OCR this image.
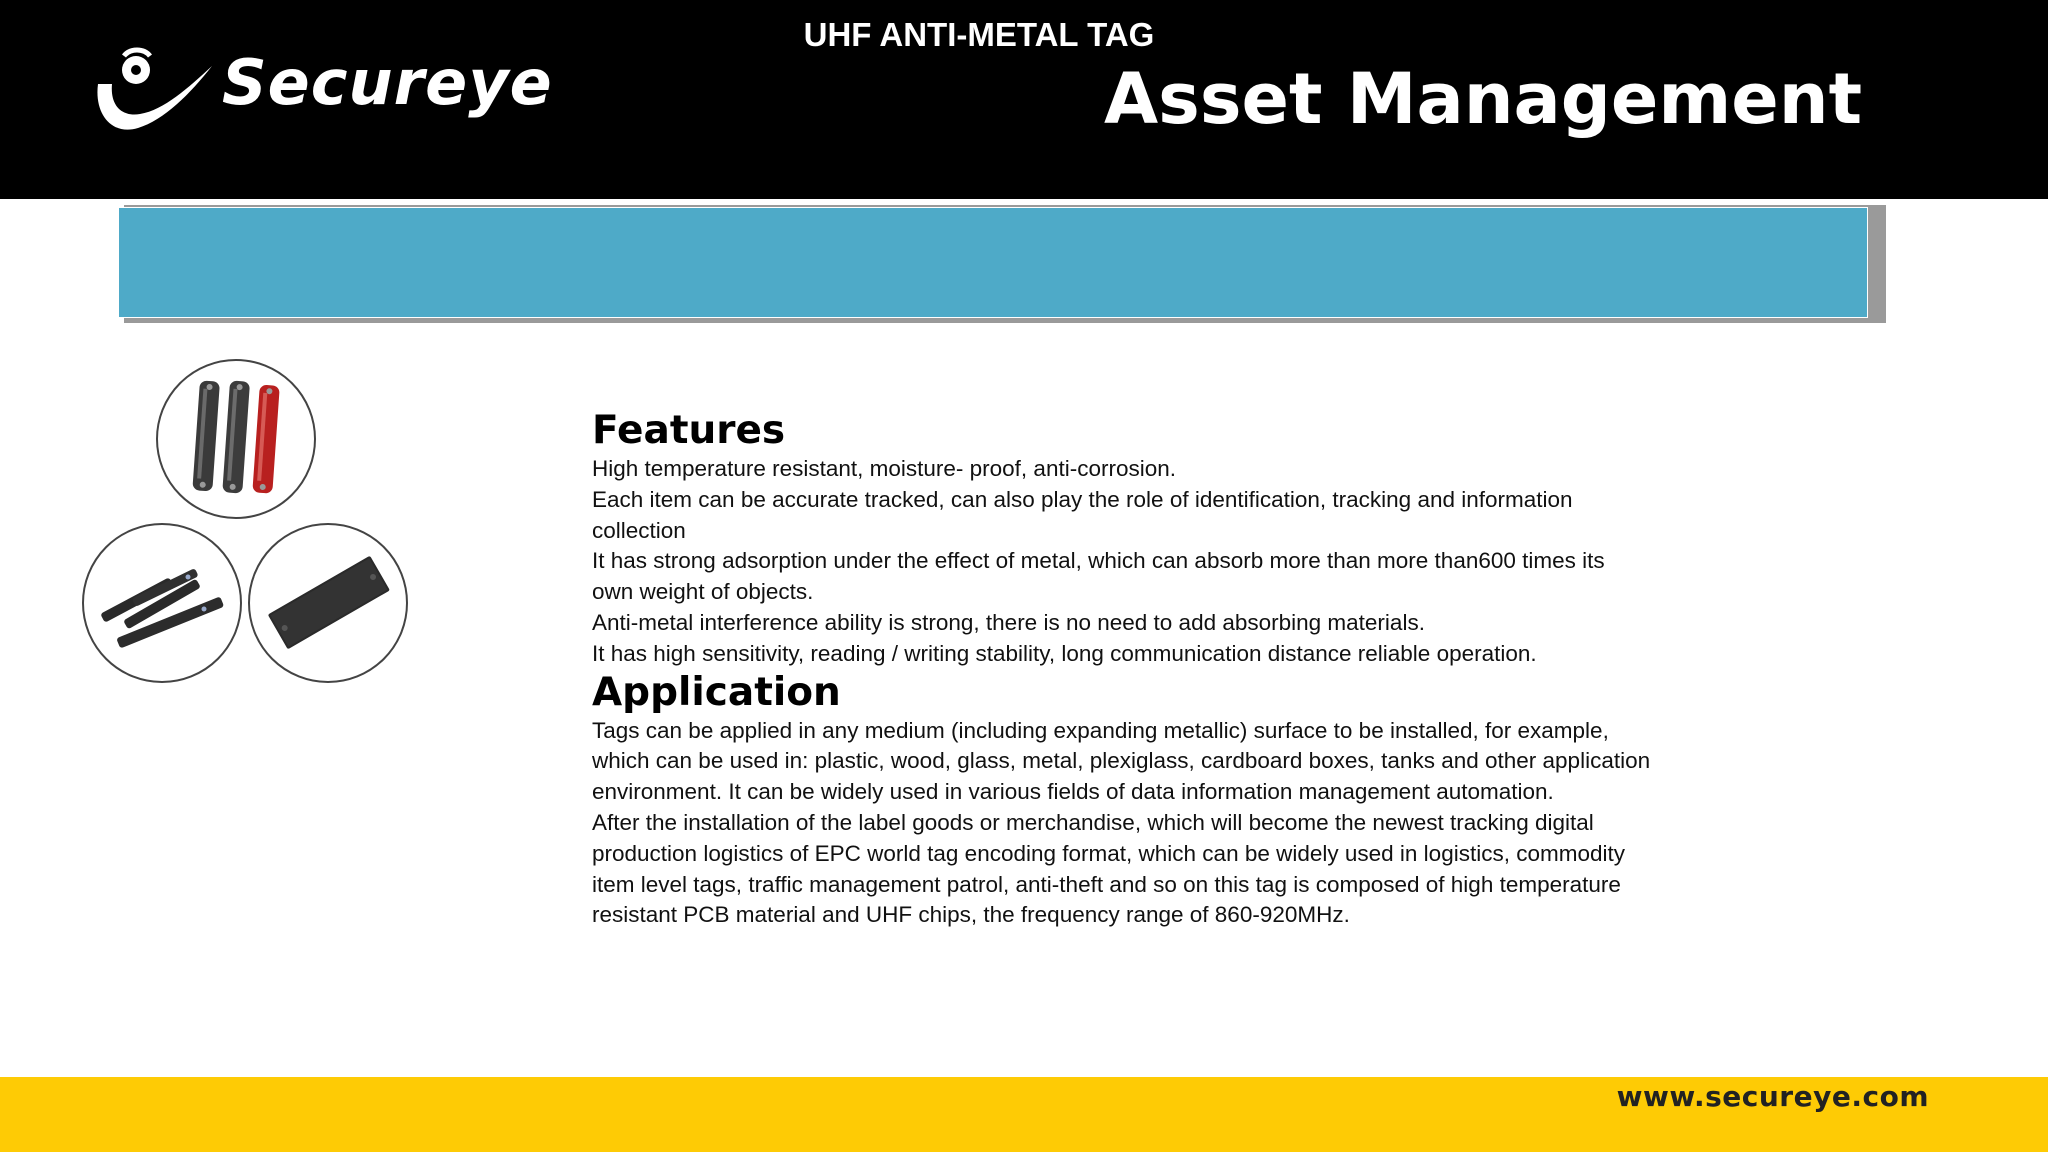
Secureye	Asset Management
UHF ANTI-METAL TAG
Features

High temperature resistant, moisture- proof, anti-corrosion.

Each item can be accurate tracked, can also play the role of identification, tracking and information collection

It has strong adsorption under the effect of metal, which can absorb more than more than600 times its own weight of objects.

Anti-metal interference ability is strong, there is no need to add absorbing materials.

It has high sensitivity, reading / writing stability, long communication distance reliable operation.

Application

Tags can be applied in any medium (including expanding metallic) surface to be installed, for example, which can be used in: plastic, wood, glass, metal, plexiglass, cardboard boxes, tanks and other application environment. It can be widely used in various fields of data information management automation.

After the installation of the label goods or merchandise, which will become the newest tracking digital production logistics of EPC world tag encoding format, which can be widely used in logistics, commodity item level tags, traffic management patrol, anti-theft and so on this tag is composed of high temperature resistant PCB material and UHF chips, the frequency range of 860-920MHz.

www.secureye.com
